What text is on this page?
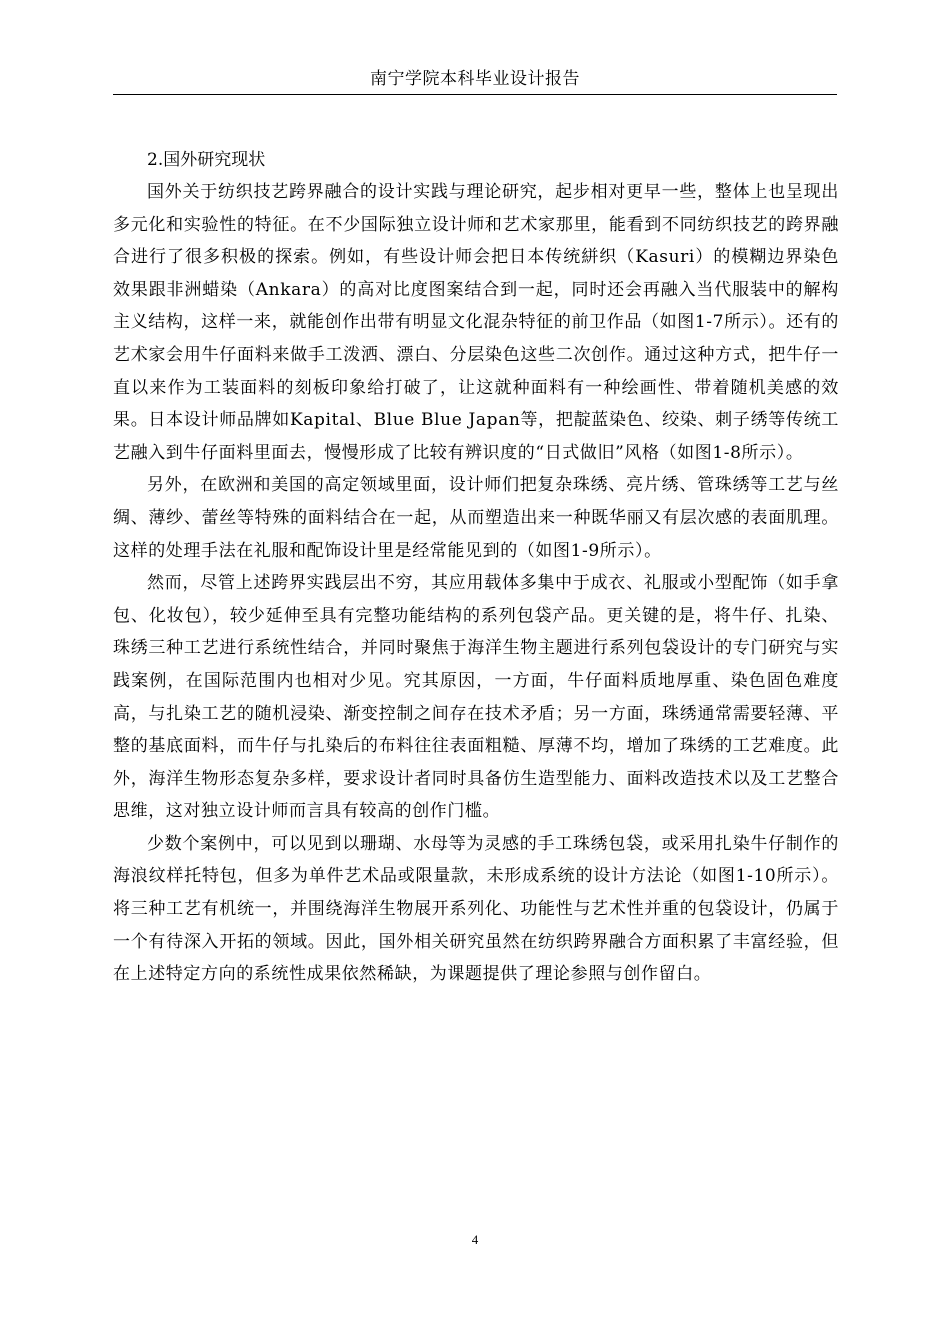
南宁学院本科毕业设计报告
2.国外研究现状

国外关于纺织技艺跨界融合的设计实践与理论研究，起步相对更早一些，整体上也呈现出多元化和实验性的特征。在不少国际独立设计师和艺术家那里，能看到不同纺织技艺的跨界融合进行了很多积极的探索。例如，有些设计师会把日本传统絣织（Kasuri）的模糊边界染色效果跟非洲蜡染（Ankara）的高对比度图案结合到一起，同时还会再融入当代服装中的解构主义结构，这样一来，就能创作出带有明显文化混杂特征的前卫作品（如图1-7所示）。还有的艺术家会用牛仔面料来做手工泼洒、漂白、分层染色这些二次创作。通过这种方式，把牛仔一直以来作为工装面料的刻板印象给打破了，让这就种面料有一种绘画性、带着随机美感的效果。日本设计师品牌如Kapital、Blue Blue Japan等，把靛蓝染色、绞染、刺子绣等传统工艺融入到牛仔面料里面去，慢慢形成了比较有辨识度的“日式做旧”风格（如图1-8所示）。

另外，在欧洲和美国的高定领域里面，设计师们把复杂珠绣、亮片绣、管珠绣等工艺与丝绸、薄纱、蕾丝等特殊的面料结合在一起，从而塑造出来一种既华丽又有层次感的表面肌理。这样的处理手法在礼服和配饰设计里是经常能见到的（如图1-9所示）。

然而，尽管上述跨界实践层出不穷，其应用载体多集中于成衣、礼服或小型配饰（如手拿包、化妆包），较少延伸至具有完整功能结构的系列包袋产品。更关键的是，将牛仔、扎染、珠绣三种工艺进行系统性结合，并同时聚焦于海洋生物主题进行系列包袋设计的专门研究与实践案例，在国际范围内也相对少见。究其原因，一方面，牛仔面料质地厚重、染色固色难度高，与扎染工艺的随机浸染、渐变控制之间存在技术矛盾；另一方面，珠绣通常需要轻薄、平整的基底面料，而牛仔与扎染后的布料往往表面粗糙、厚薄不均，增加了珠绣的工艺难度。此外，海洋生物形态复杂多样，要求设计者同时具备仿生造型能力、面料改造技术以及工艺整合思维，这对独立设计师而言具有较高的创作门槛。

少数个案例中，可以见到以珊瑚、水母等为灵感的手工珠绣包袋，或采用扎染牛仔制作的海浪纹样托特包，但多为单件艺术品或限量款，未形成系统的设计方法论（如图1-10所示）。将三种工艺有机统一，并围绕海洋生物展开系列化、功能性与艺术性并重的包袋设计，仍属于一个有待深入开拓的领域。因此，国外相关研究虽然在纺织跨界融合方面积累了丰富经验，但在上述特定方向的系统性成果依然稀缺，为课题提供了理论参照与创作留白。

4
